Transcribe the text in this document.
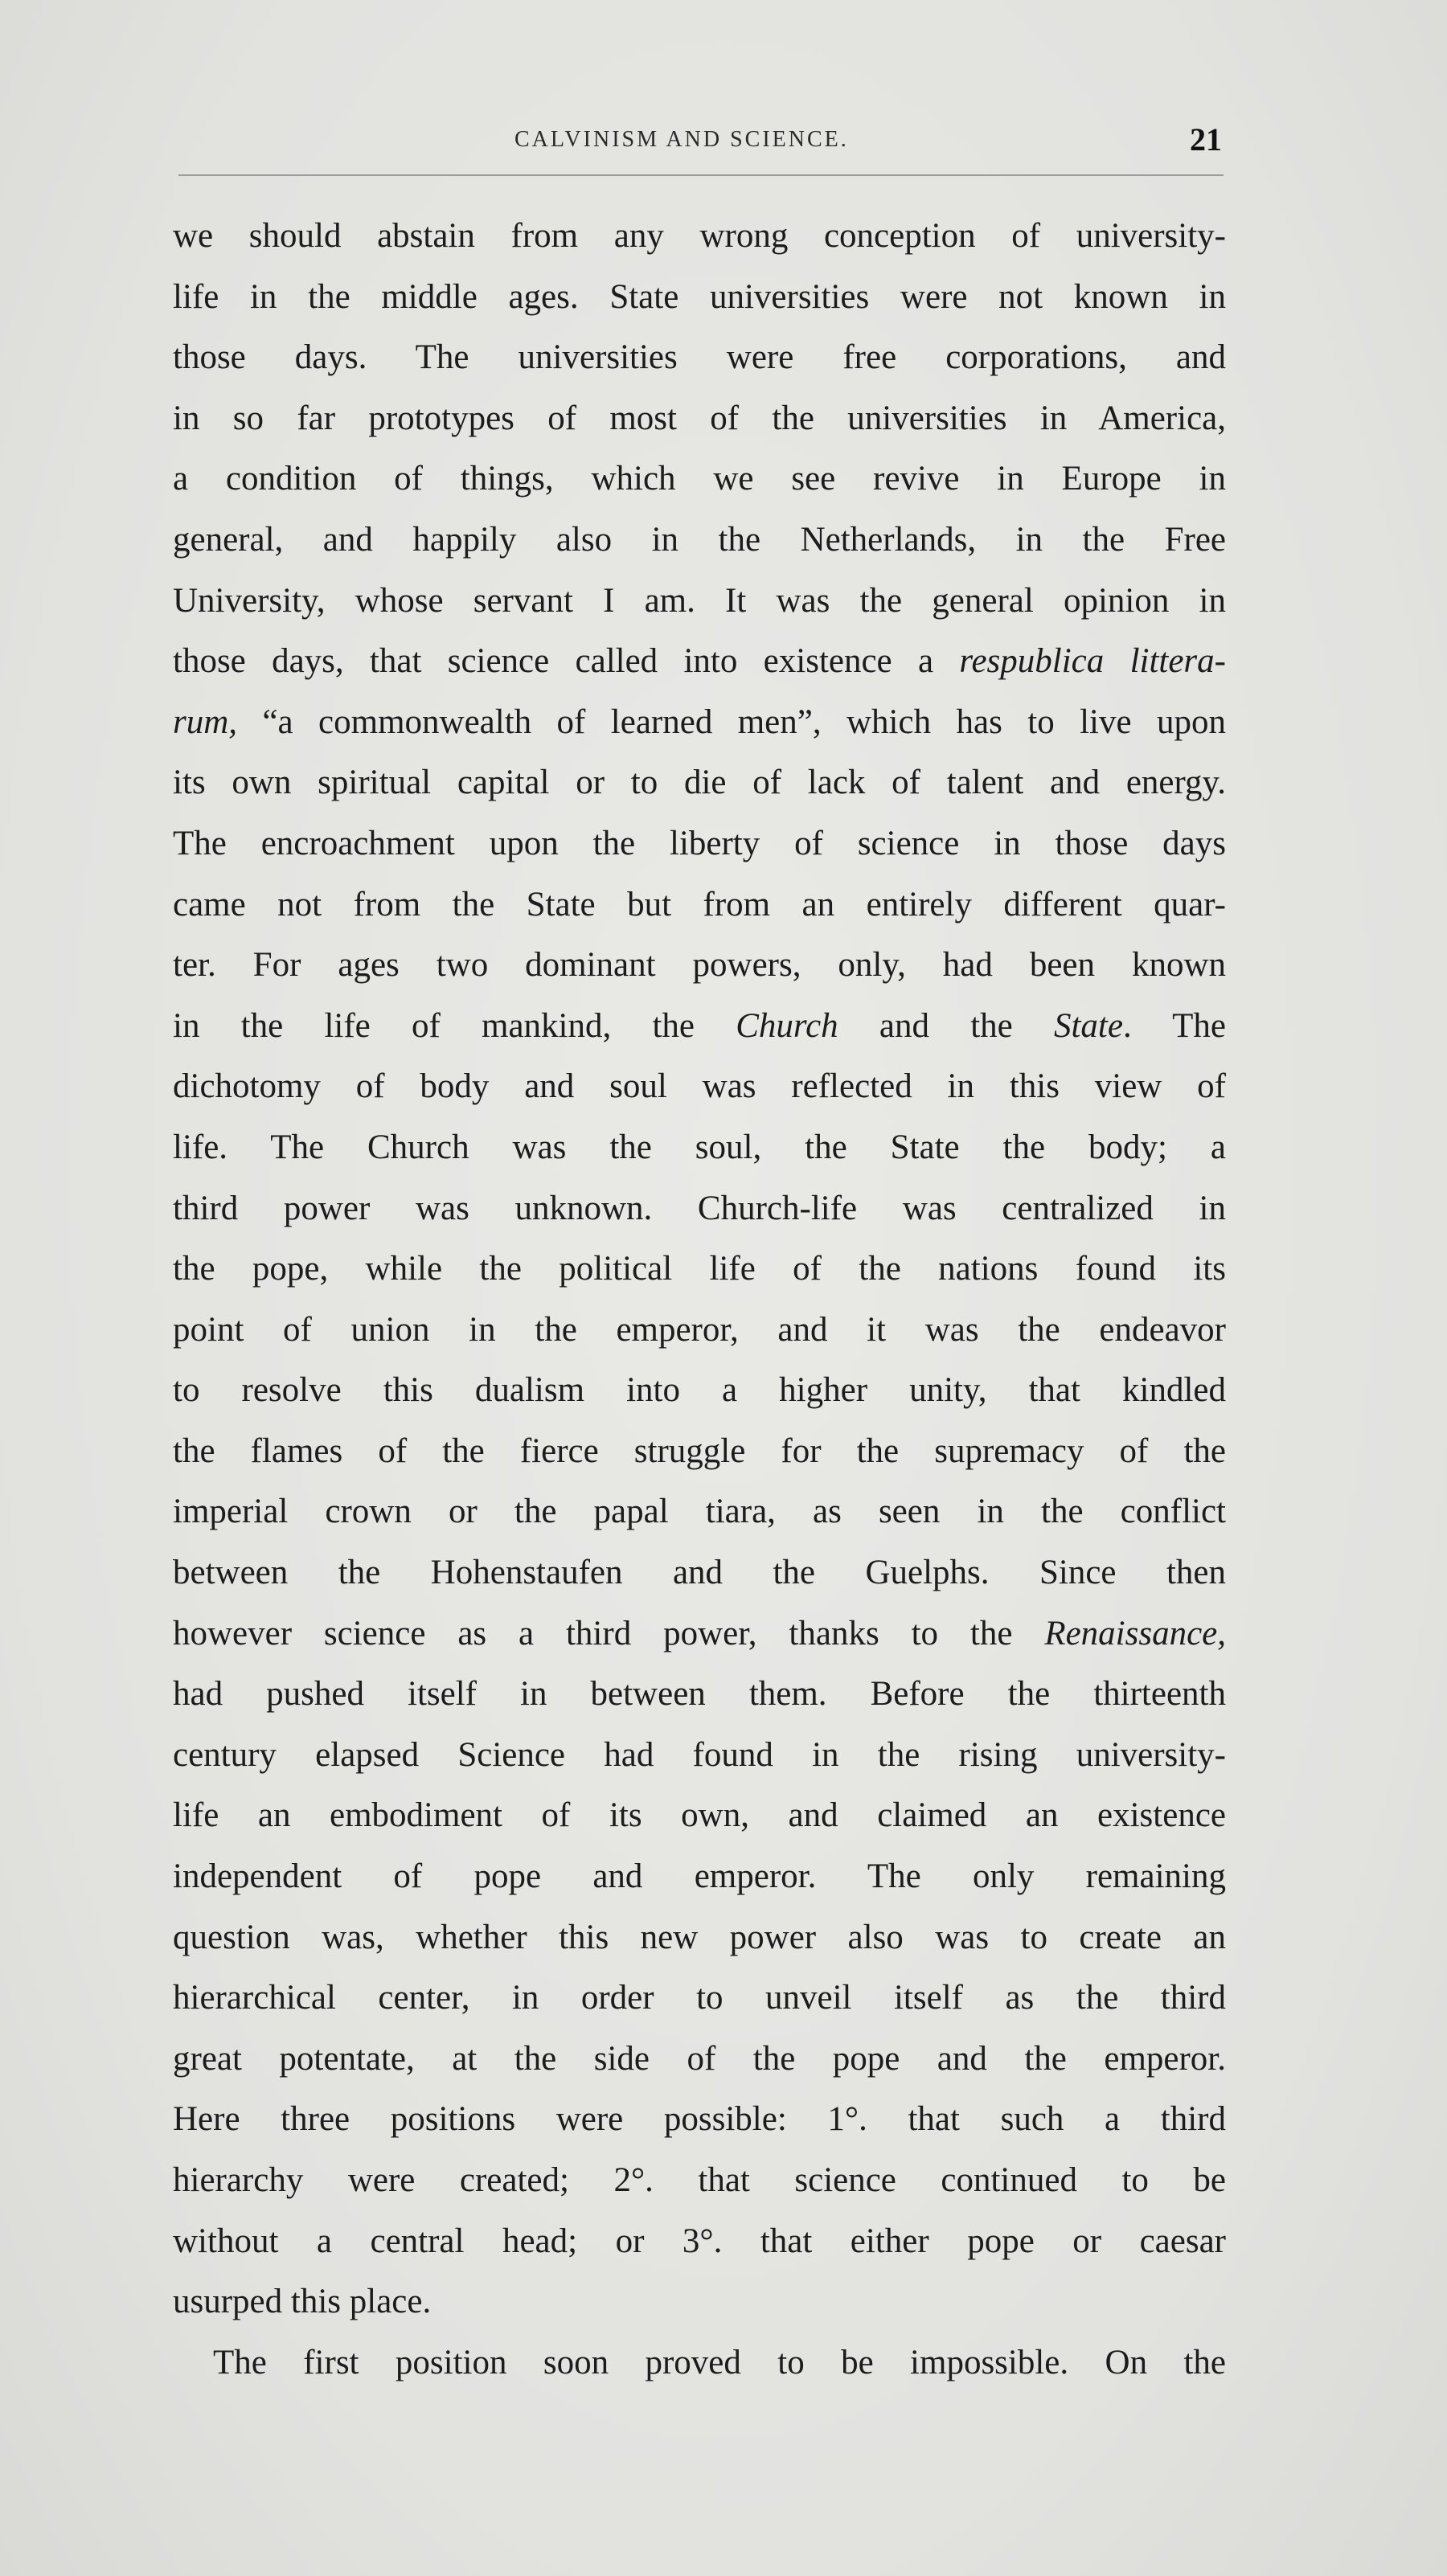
CALVINISM AND SCIENCE.	21
we should abstain from any wrong conception of university-
life in the middle ages. State universities were not known in
those days. The universities were free corporations, and
in so far prototypes of most of the universities in America,
a condition of things, which we see revive in Europe in
general, and happily also in the Netherlands, in the Free
University, whose servant I am. It was the general opinion in
those days, that science called into existence a respublica littera-
rum, “a commonwealth of learned men”, which has to live upon
its own spiritual capital or to die of lack of talent and energy.
The encroachment upon the liberty of science in those days
came not from the State but from an entirely different quar-
ter. For ages two dominant powers, only, had been known
in the life of mankind, the Church and the State. The
dichotomy of body and soul was reflected in this view of
life. The Church was the soul, the State the body; a
third power was unknown. Church-life was centralized in
the pope, while the political life of the nations found its
point of union in the emperor, and it was the endeavor
to resolve this dualism into a higher unity, that kindled
the flames of the fierce struggle for the supremacy of the
imperial crown or the papal tiara, as seen in the conflict
between the Hohenstaufen and the Guelphs. Since then
however science as a third power, thanks to the Renaissance,
had pushed itself in between them. Before the thirteenth
century elapsed Science had found in the rising university-
life an embodiment of its own, and claimed an existence
independent of pope and emperor. The only remaining
question was, whether this new power also was to create an
hierarchical center, in order to unveil itself as the third
great potentate, at the side of the pope and the emperor.
Here three positions were possible: 1°. that such a third
hierarchy were created; 2°. that science continued to be
without a central head; or 3°. that either pope or caesar
usurped this place.
The first position soon proved to be impossible. On the
